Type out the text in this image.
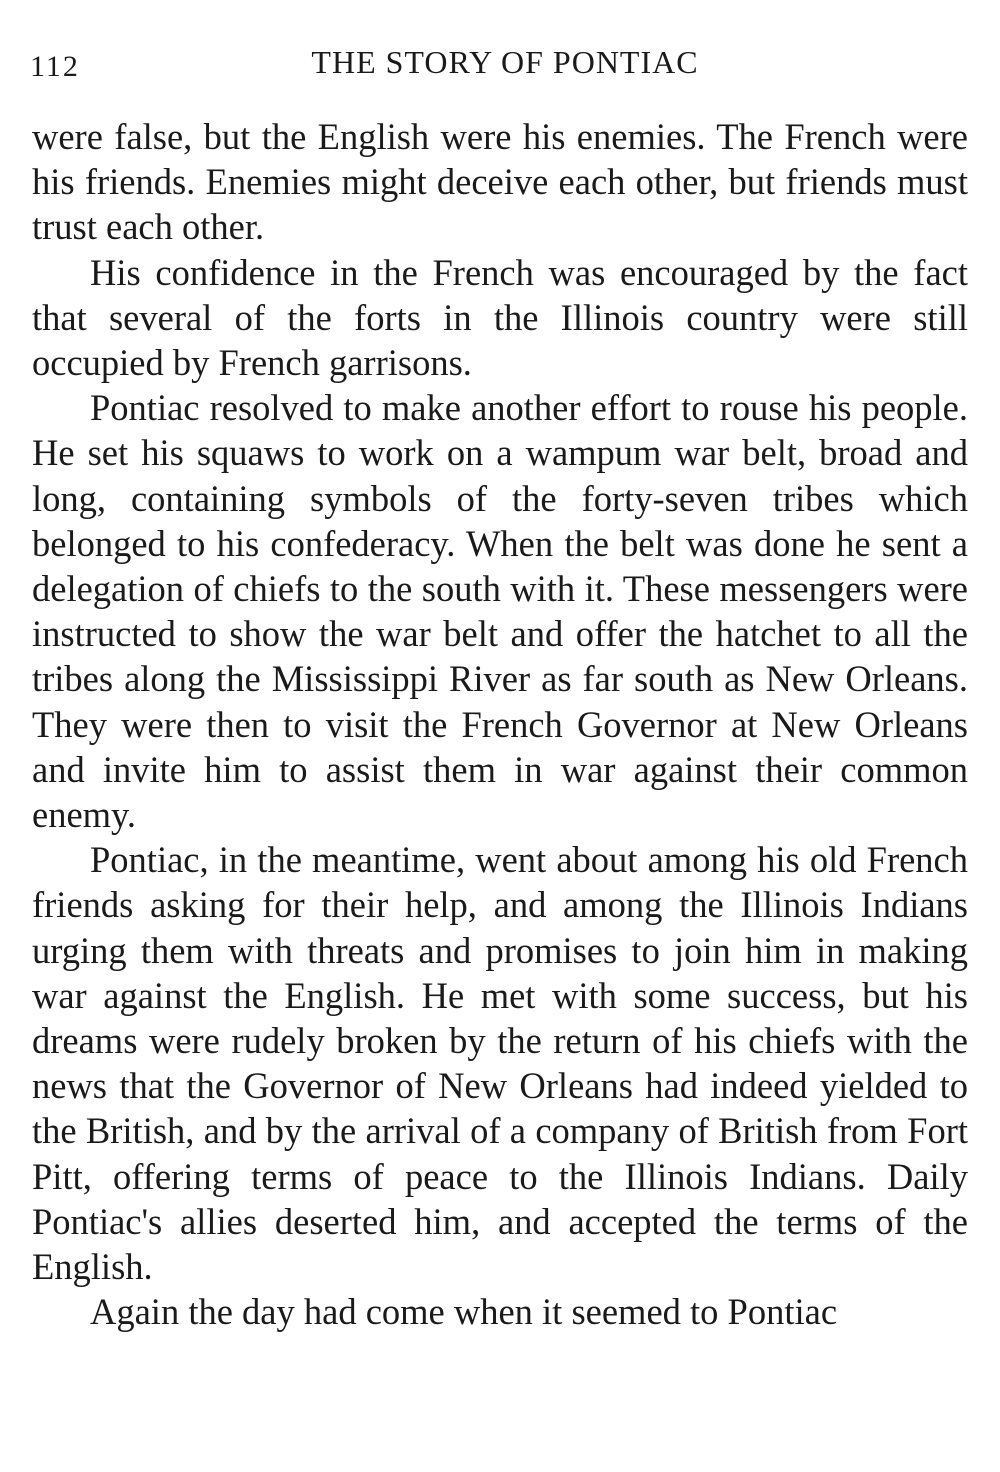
112	THE STORY OF PONTIAC

were false, but the English were his enemies. The French were his friends. Enemies might deceive each other, but friends must trust each other.

His confidence in the French was encouraged by the fact that several of the forts in the Illinois country were still occupied by French garrisons.

Pontiac resolved to make another effort to rouse his people. He set his squaws to work on a wampum war belt, broad and long, containing symbols of the forty-seven tribes which belonged to his confederacy. When the belt was done he sent a delegation of chiefs to the south with it. These messengers were instructed to show the war belt and offer the hatchet to all the tribes along the Mississippi River as far south as New Orleans. They were then to visit the French Governor at New Orleans and invite him to assist them in war against their common enemy.

Pontiac, in the meantime, went about among his old French friends asking for their help, and among the Illinois Indians urging them with threats and promises to join him in making war against the English. He met with some success, but his dreams were rudely broken by the return of his chiefs with the news that the Governor of New Orleans had indeed yielded to the British, and by the arrival of a company of British from Fort Pitt, offering terms of peace to the Illinois Indians. Daily Pontiac's allies deserted him, and accepted the terms of the English.

Again the day had come when it seemed to Pontiac
